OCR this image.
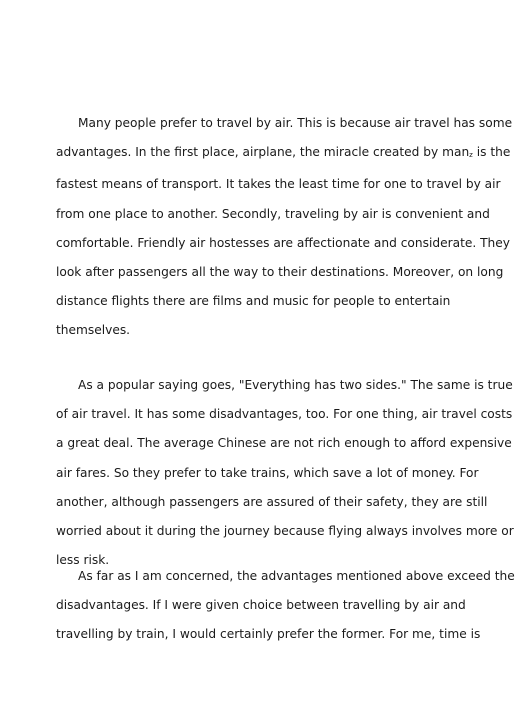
Many people prefer to travel by air. This is because air travel has some
advantages. In the first place, airplane, the miracle created by manz is the
fastest means of transport. It takes the least time for one to travel by air
from one place to another. Secondly, traveling by air is convenient and
comfortable. Friendly air hostesses are affectionate and considerate. They
look after passengers all the way to their destinations. Moreover, on long
distance flights there are films and music for people to entertain
themselves.

As a popular saying goes, "Everything has two sides." The same is true
of air travel. It has some disadvantages, too. For one thing, air travel costs
a great deal. The average Chinese are not rich enough to afford expensive
air fares. So they prefer to take trains, which save a lot of money. For
another, although passengers are assured of their safety, they are still
worried about it during the journey because flying always involves more or
less risk.

As far as I am concerned, the advantages mentioned above exceed the
disadvantages. If I were given choice between travelling by air and
travelling by train, I would certainly prefer the former. For me, time is
